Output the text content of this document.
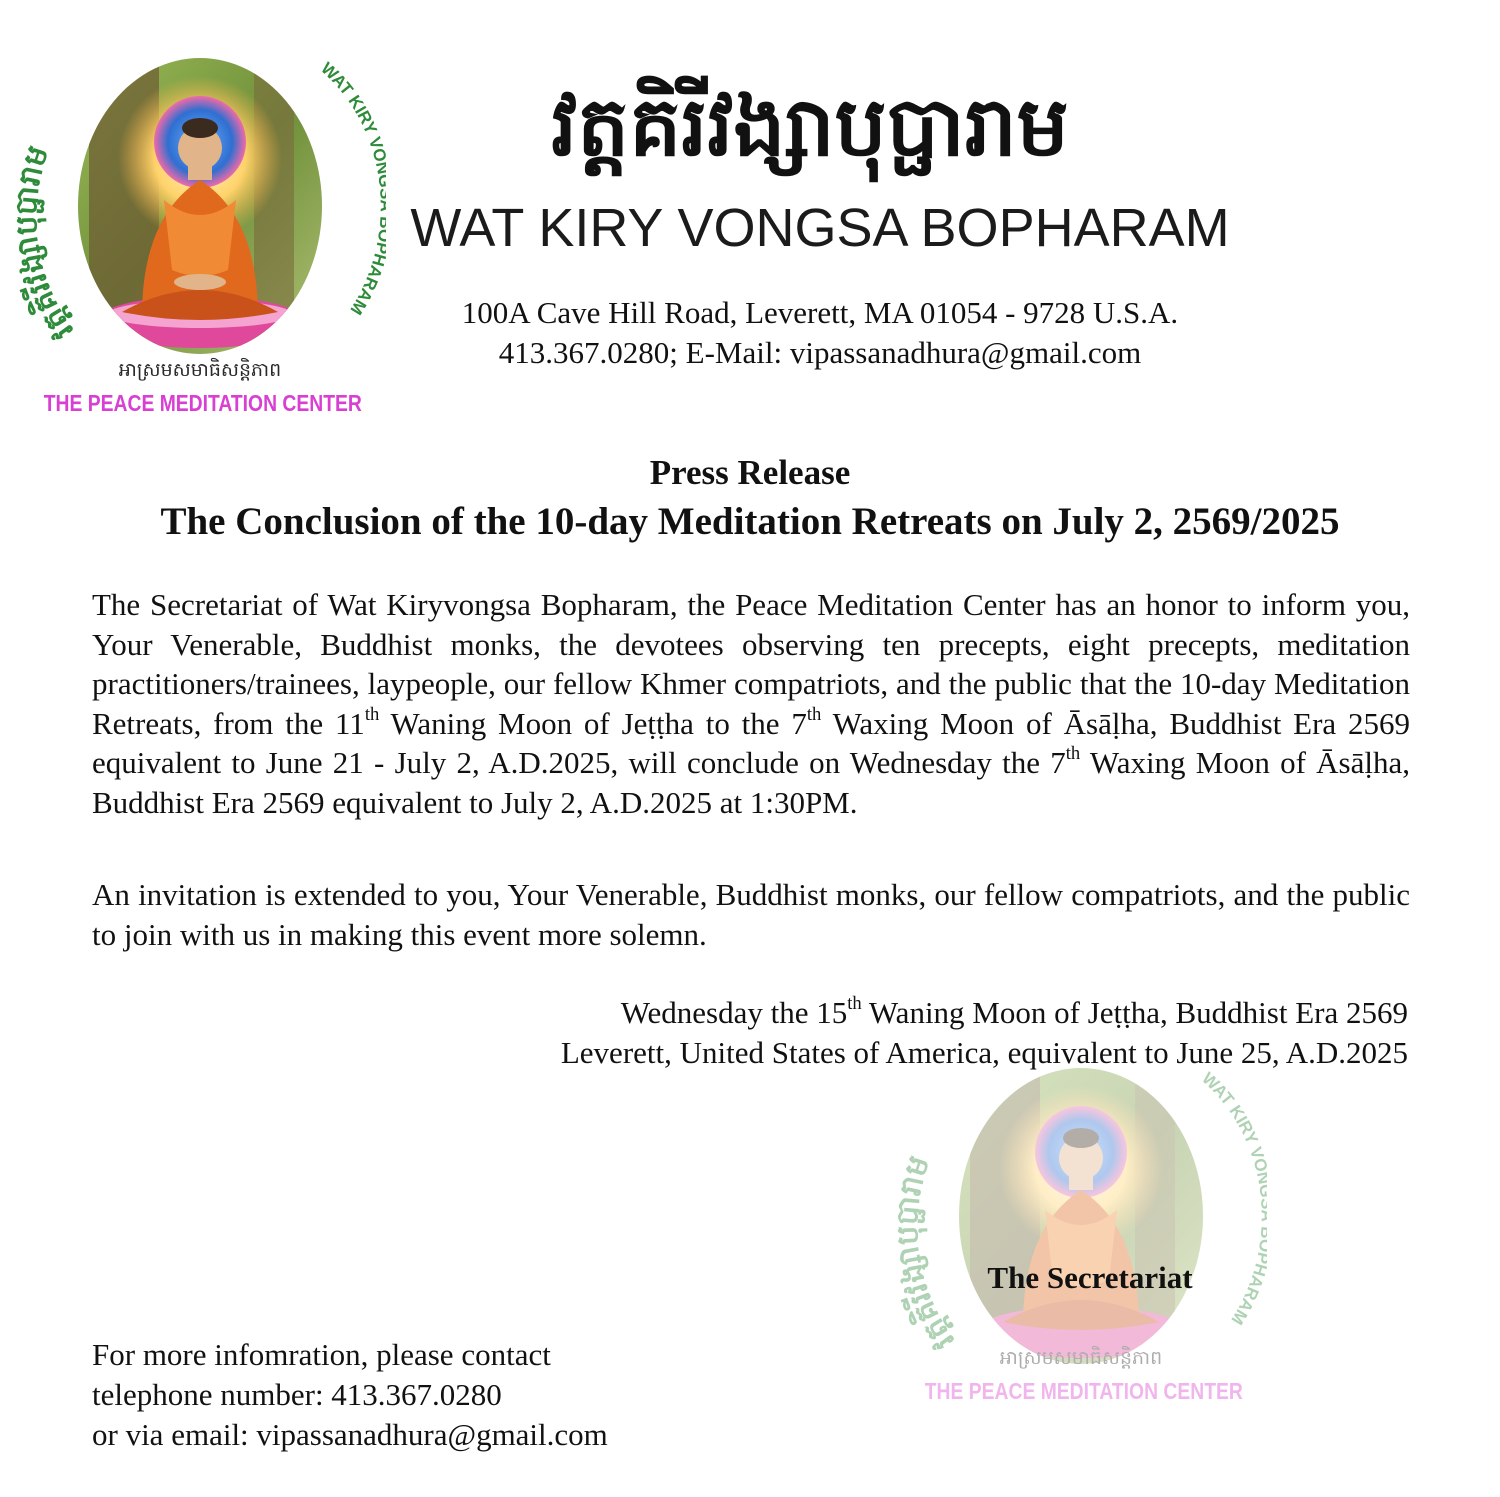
វត្តគិរីវង្សាបុប្ផារាម
WAT KIRY V ARAM
អាស្រមសមាធិសន្តិភាព
THE PEACE MEDITATION CENTER
វត្តគិរីវង្សាបុប្ផារាម
WAT KIRY VONGSA BOPHARAM
100A Cave Hill Road, Leverett, MA 01054 - 9728 U.S.A.
413.367.0280; E-Mail: vipassanadhura@gmail.com
Press Release
The Conclusion of the 10-day Meditation Retreats on July 2, 2569/2025
វត្តគិរីវង្សាបុប្ផារាម
WAT KIRY V ARAM
អាស្រមសមាធិសន្តិភាព
THE PEACE MEDITATION CENTER
The Secretariat of Wat Kiryvongsa Bopharam, the Peace Meditation Center has an honor to inform you, Your Venerable, Buddhist monks, the devotees observing ten precepts, eight precepts, meditation practitioners/trainees, laypeople, our fellow Khmer compatriots, and the public that the 10-day Meditation Retreats, from the 11th Waning Moon of Jeṭṭha to the 7th Waxing Moon of Āsāḷha, Buddhist Era 2569 equivalent to June 21 - July 2, A.D.2025, will conclude on Wednesday the 7th Waxing Moon of Āsāḷha, Buddhist Era 2569 equivalent to July 2, A.D.2025 at 1:30PM.
An invitation is extended to you, Your Venerable, Buddhist monks, our fellow compatriots, and the public to join with us in making this event more solemn.
Wednesday the 15th Waning Moon of Jeṭṭha, Buddhist Era 2569
Leverett, United States of America, equivalent to June 25, A.D.2025
The Secretariat
For more infomration, please contact
telephone number: 413.367.0280
or via email: vipassanadhura@gmail.com
